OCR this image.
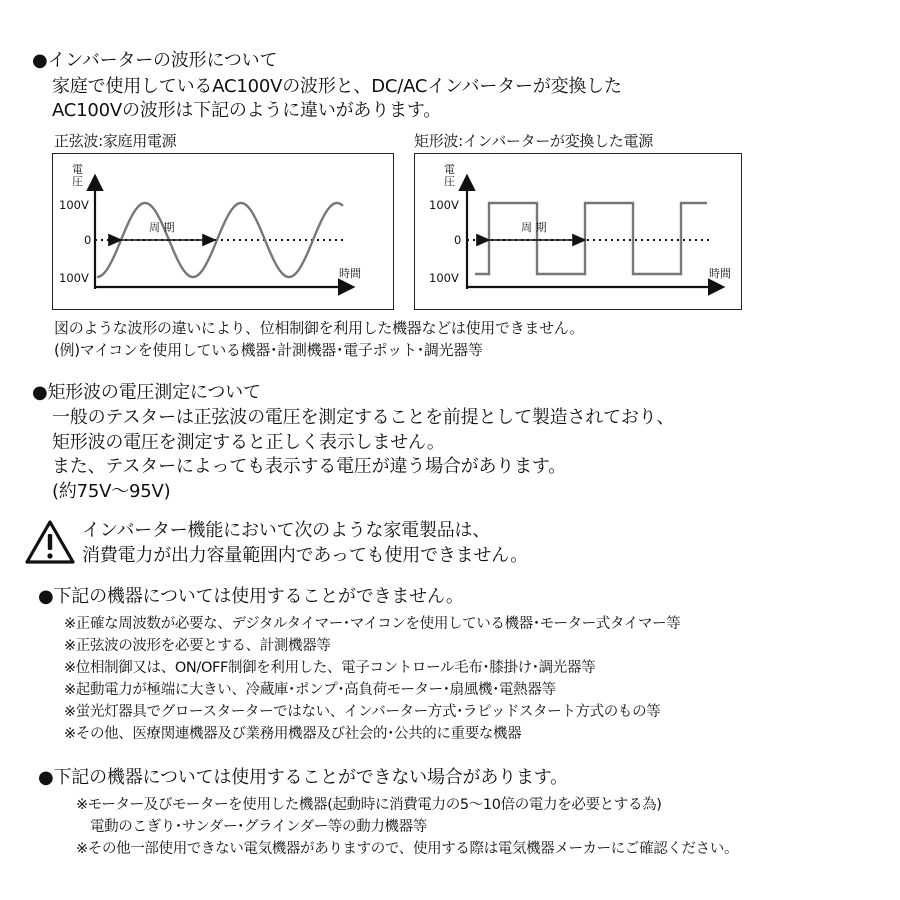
●インバーターの波形について
家庭で使用しているAC100Vの波形と、DC/ACインバーターが変換した
AC100Vの波形は下記のように違いがあります。
正弦波:家庭用電源	矩形波:インバーターが変換した電源
電
圧
100V
0
100V
周 期
時間
電
圧
100V
0
100V
周 期
時間
図のような波形の違いにより、位相制御を利用した機器などは使用できません。
(例)マイコンを使用している機器･計測機器･電子ポット･調光器等
●矩形波の電圧測定について
一般のテスターは正弦波の電圧を測定することを前提として製造されており、
矩形波の電圧を測定すると正しく表示しません。
また、テスターによっても表示する電圧が違う場合があります。
(約75V〜95V)
インバーター機能において次のような家電製品は、
消費電力が出力容量範囲内であっても使用できません。
●下記の機器については使用することができません。
※正確な周波数が必要な、デジタルタイマー･マイコンを使用している機器･モーター式タイマー等
※正弦波の波形を必要とする、計測機器等
※位相制御又は、ON/OFF制御を利用した、電子コントロール毛布･膝掛け･調光器等
※起動電力が極端に大きい、冷蔵庫･ポンプ･高負荷モーター･扇風機･電熱器等
※蛍光灯器具でグロースターターではない、インバーター方式･ラピッドスタート方式のもの等
※その他、医療関連機器及び業務用機器及び社会的･公共的に重要な機器
●下記の機器については使用することができない場合があります。
※モーター及びモーターを使用した機器(起動時に消費電力の5〜10倍の電力を必要とする為)
電動のこぎり･サンダー･グラインダー等の動力機器等
※その他一部使用できない電気機器がありますので、使用する際は電気機器メーカーにご確認ください。
